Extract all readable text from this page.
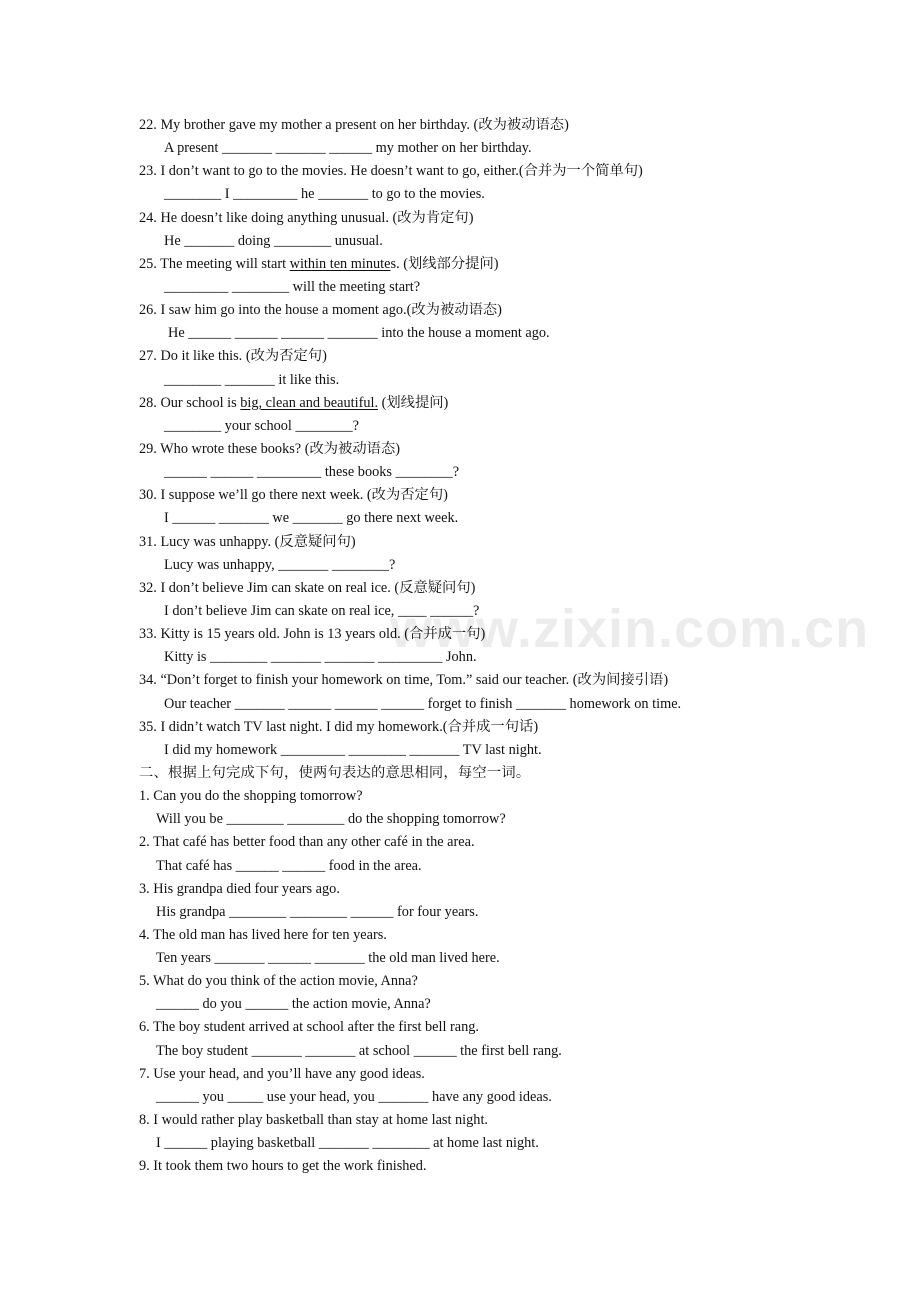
www.zixin.com.cn
22. My brother gave my mother a present on her birthday. (改为被动语态)
A present _______ _______ ______ my mother on her birthday.
23. I don’t want to go to the movies. He doesn’t want to go, either.(合并为一个简单句)
________ I _________ he _______ to go to the movies.
24. He doesn’t like doing anything unusual. (改为肯定句)
He _______ doing ________ unusual.
25. The meeting will start within ten minutes. (划线部分提问)
_________ ________ will the meeting start?
26. I saw him go into the house a moment ago.(改为被动语态)
He ______ ______ ______ _______ into the house a moment ago.
27. Do it like this. (改为否定句)
________ _______ it like this.
28. Our school is big, clean and beautiful. (划线提问)
________ your school ________?
29. Who wrote these books? (改为被动语态)
______ ______ _________ these books ________?
30. I suppose we’ll go there next week. (改为否定句)
I ______ _______ we _______ go there next week.
31. Lucy was unhappy. (反意疑问句)
Lucy was unhappy, _______ ________?
32. I don’t believe Jim can skate on real ice. (反意疑问句)
I don’t believe Jim can skate on real ice, ____ ______?
33. Kitty is 15 years old. John is 13 years old. (合并成一句)
Kitty is ________ _______ _______ _________ John.
34. “Don’t forget to finish your homework on time, Tom.” said our teacher. (改为间接引语)
Our teacher _______ ______ ______ ______ forget to finish _______ homework on time.
35. I didn’t watch TV last night. I did my homework.(合并成一句话)
I did my homework _________ ________ _______ TV last night.
二、根据上句完成下句，使两句表达的意思相同，每空一词。
1. Can you do the shopping tomorrow?
Will you be ________ ________ do the shopping tomorrow?
2. That café has better food than any other café in the area.
That café has ______ ______ food in the area.
3. His grandpa died four years ago.
His grandpa ________ ________ ______ for four years.
4. The old man has lived here for ten years.
Ten years _______ ______ _______ the old man lived here.
5. What do you think of the action movie, Anna?
______ do you ______ the action movie, Anna?
6. The boy student arrived at school after the first bell rang.
The boy student _______ _______ at school ______ the first bell rang.
7. Use your head, and you’ll have any good ideas.
______ you _____ use your head, you _______ have any good ideas.
8. I would rather play basketball than stay at home last night.
I ______ playing basketball _______ ________ at home last night.
9. It took them two hours to get the work finished.
